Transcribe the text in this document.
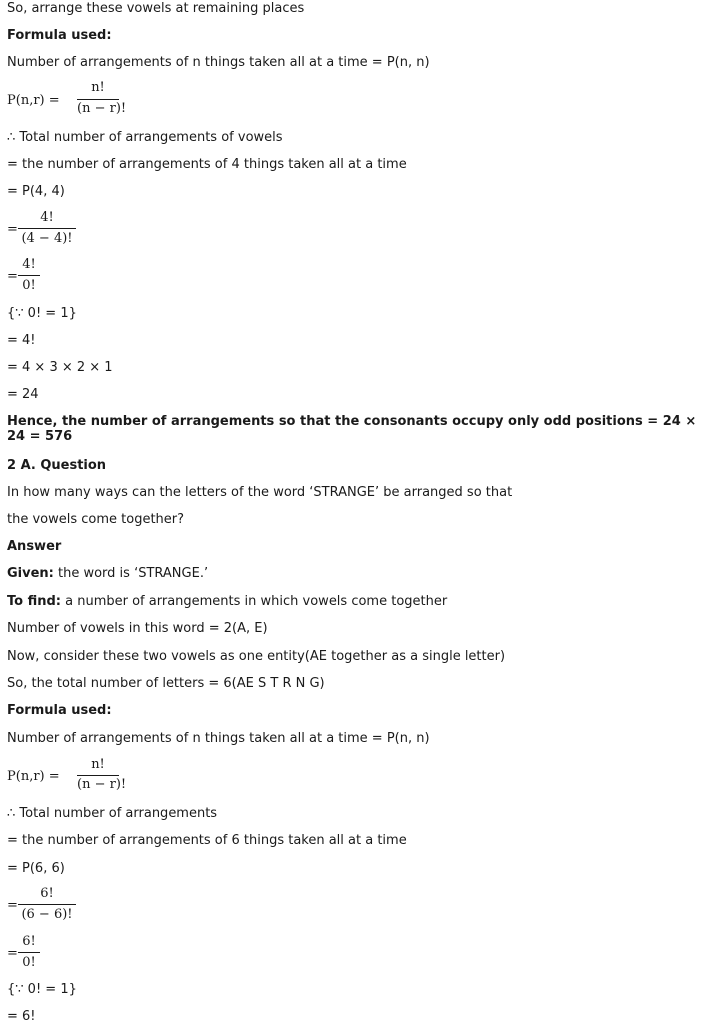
So, arrange these vowels at remaining places
Formula used:
Number of arrangements of n things taken all at a time = P(n, n)
P(n,r) =
n!
(n − r)!
∴ Total number of arrangements of vowels
= the number of arrangements of 4 things taken all at a time
= P(4, 4)
=
4!
(4 − 4)!
=
4!
0!
{∵ 0! = 1}
= 4!
= 4 × 3 × 2 × 1
= 24
Hence, the number of arrangements so that the consonants occupy only odd positions = 24 × 24 = 576
2 A. Question
In how many ways can the letters of the word ‘STRANGE’ be arranged so that
the vowels come together?
Answer
Given: the word is ‘STRANGE.’
To find: a number of arrangements in which vowels come together
Number of vowels in this word = 2(A, E)
Now, consider these two vowels as one entity(AE together as a single letter)
So, the total number of letters = 6(AE S T R N G)
Formula used:
Number of arrangements of n things taken all at a time = P(n, n)
P(n,r) =
n!
(n − r)!
∴ Total number of arrangements
= the number of arrangements of 6 things taken all at a time
= P(6, 6)
=
6!
(6 − 6)!
=
6!
0!
{∵ 0! = 1}
= 6!
